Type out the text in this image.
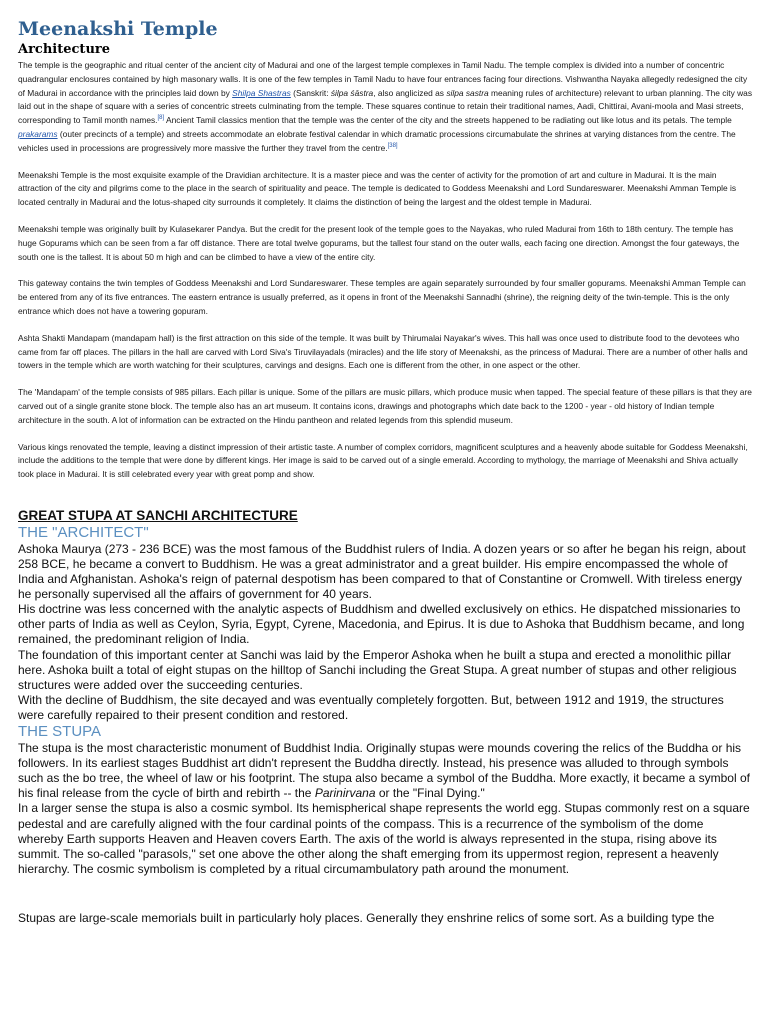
Meenakshi Temple
Architecture

The temple is the geographic and ritual center of the ancient city of Madurai and one of the largest temple complexes in Tamil Nadu. The temple complex is divided into a number of concentric quadrangular enclosures contained by high masonary walls. It is one of the few temples in Tamil Nadu to have four entrances facing four directions. Vishwantha Nayaka allegedly redesigned the city of Madurai in accordance with the principles laid down by Shilpa Shastras (Sanskrit: śilpa śāstra, also anglicized as silpa sastra meaning rules of architecture) relevant to urban planning. The city was laid out in the shape of square with a series of concentric streets culminating from the temple. These squares continue to retain their traditional names, Aadi, Chittirai, Avani-moola and Masi streets, corresponding to Tamil month names.[8] Ancient Tamil classics mention that the temple was the center of the city and the streets happened to be radiating out like lotus and its petals. The temple prakarams (outer precincts of a temple) and streets accommodate an elobrate festival calendar in which dramatic processions circumabulate the shrines at varying distances from the centre. The vehicles used in processions are progressively more massive the further they travel from the centre.[38]

Meenakshi Temple is the most exquisite example of the Dravidian architecture. It is a master piece and was the center of activity for the promotion of art and culture in Madurai. It is the main attraction of the city and pilgrims come to the place in the search of spirituality and peace. The temple is dedicated to Goddess Meenakshi and Lord Sundareswarer. Meenakshi Amman Temple is located centrally in Madurai and the lotus-shaped city surrounds it completely. It claims the distinction of being the largest and the oldest temple in Madurai.

Meenakshi temple was originally built by Kulasekarer Pandya. But the credit for the present look of the temple goes to the Nayakas, who ruled Madurai from 16th to 18th century. The temple has huge Gopurams which can be seen from a far off distance. There are total twelve gopurams, but the tallest four stand on the outer walls, each facing one direction. Amongst the four gateways, the south one is the tallest. It is about 50 m high and can be climbed to have a view of the entire city.

This gateway contains the twin temples of Goddess Meenakshi and Lord Sundareswarer. These temples are again separately surrounded by four smaller gopurams. Meenakshi Amman Temple can be entered from any of its five entrances. The eastern entrance is usually preferred, as it opens in front of the Meenakshi Sannadhi (shrine), the reigning deity of the twin-temple. This is the only entrance which does not have a towering gopuram.

Ashta Shakti Mandapam (mandapam hall) is the first attraction on this side of the temple. It was built by Thirumalai Nayakar's wives. This hall was once used to distribute food to the devotees who came from far off places. The pillars in the hall are carved with Lord Siva's Tiruvilayadals (miracles) and the life story of Meenakshi, as the princess of Madurai. There are a number of other halls and towers in the temple which are worth watching for their sculptures, carvings and designs. Each one is different from the other, in one aspect or the other.

The 'Mandapam' of the temple consists of 985 pillars. Each pillar is unique. Some of the pillars are music pillars, which produce music when tapped. The special feature of these pillars is that they are carved out of a single granite stone block. The temple also has an art museum. It contains icons, drawings and photographs which date back to the 1200 - year - old history of Indian temple architecture in the south. A lot of information can be extracted on the Hindu pantheon and related legends from this splendid museum.

Various kings renovated the temple, leaving a distinct impression of their artistic taste. A number of complex corridors, magnificent sculptures and a heavenly abode suitable for Goddess Meenakshi, include the additions to the temple that were done by different kings. Her image is said to be carved out of a single emerald. According to mythology, the marriage of Meenakshi and Shiva actually took place in Madurai. It is still celebrated every year with great pomp and show.

GREAT STUPA AT SANCHI ARCHITECTURE
THE "ARCHITECT"

Ashoka Maurya (273 - 236 BCE) was the most famous of the Buddhist rulers of India. A dozen years or so after he began his reign, about 258 BCE, he became a convert to Buddhism. He was a great administrator and a great builder. His empire encompassed the whole of India and Afghanistan. Ashoka's reign of paternal despotism has been compared to that of Constantine or Cromwell. With tireless energy he personally supervised all the affairs of government for 40 years.

His doctrine was less concerned with the analytic aspects of Buddhism and dwelled exclusively on ethics. He dispatched missionaries to other parts of India as well as Ceylon, Syria, Egypt, Cyrene, Macedonia, and Epirus. It is due to Ashoka that Buddhism became, and long remained, the predominant religion of India.

The foundation of this important center at Sanchi was laid by the Emperor Ashoka when he built a stupa and erected a monolithic pillar here. Ashoka built a total of eight stupas on the hilltop of Sanchi including the Great Stupa. A great number of stupas and other religious structures were added over the succeeding centuries.

With the decline of Buddhism, the site decayed and was eventually completely forgotten. But, between 1912 and 1919, the structures were carefully repaired to their present condition and restored.

THE STUPA

The stupa is the most characteristic monument of Buddhist India. Originally stupas were mounds covering the relics of the Buddha or his followers. In its earliest stages Buddhist art didn't represent the Buddha directly. Instead, his presence was alluded to through symbols such as the bo tree, the wheel of law or his footprint. The stupa also became a symbol of the Buddha. More exactly, it became a symbol of his final release from the cycle of birth and rebirth -- the Parinirvana or the "Final Dying."

In a larger sense the stupa is also a cosmic symbol. Its hemispherical shape represents the world egg. Stupas commonly rest on a square pedestal and are carefully aligned with the four cardinal points of the compass. This is a recurrence of the symbolism of the dome whereby Earth supports Heaven and Heaven covers Earth. The axis of the world is always represented in the stupa, rising above its summit. The so-called "parasols," set one above the other along the shaft emerging from its uppermost region, represent a heavenly hierarchy. The cosmic symbolism is completed by a ritual circumambulatory path around the monument.

Stupas are large-scale memorials built in particularly holy places. Generally they enshrine relics of some sort. As a building type the
